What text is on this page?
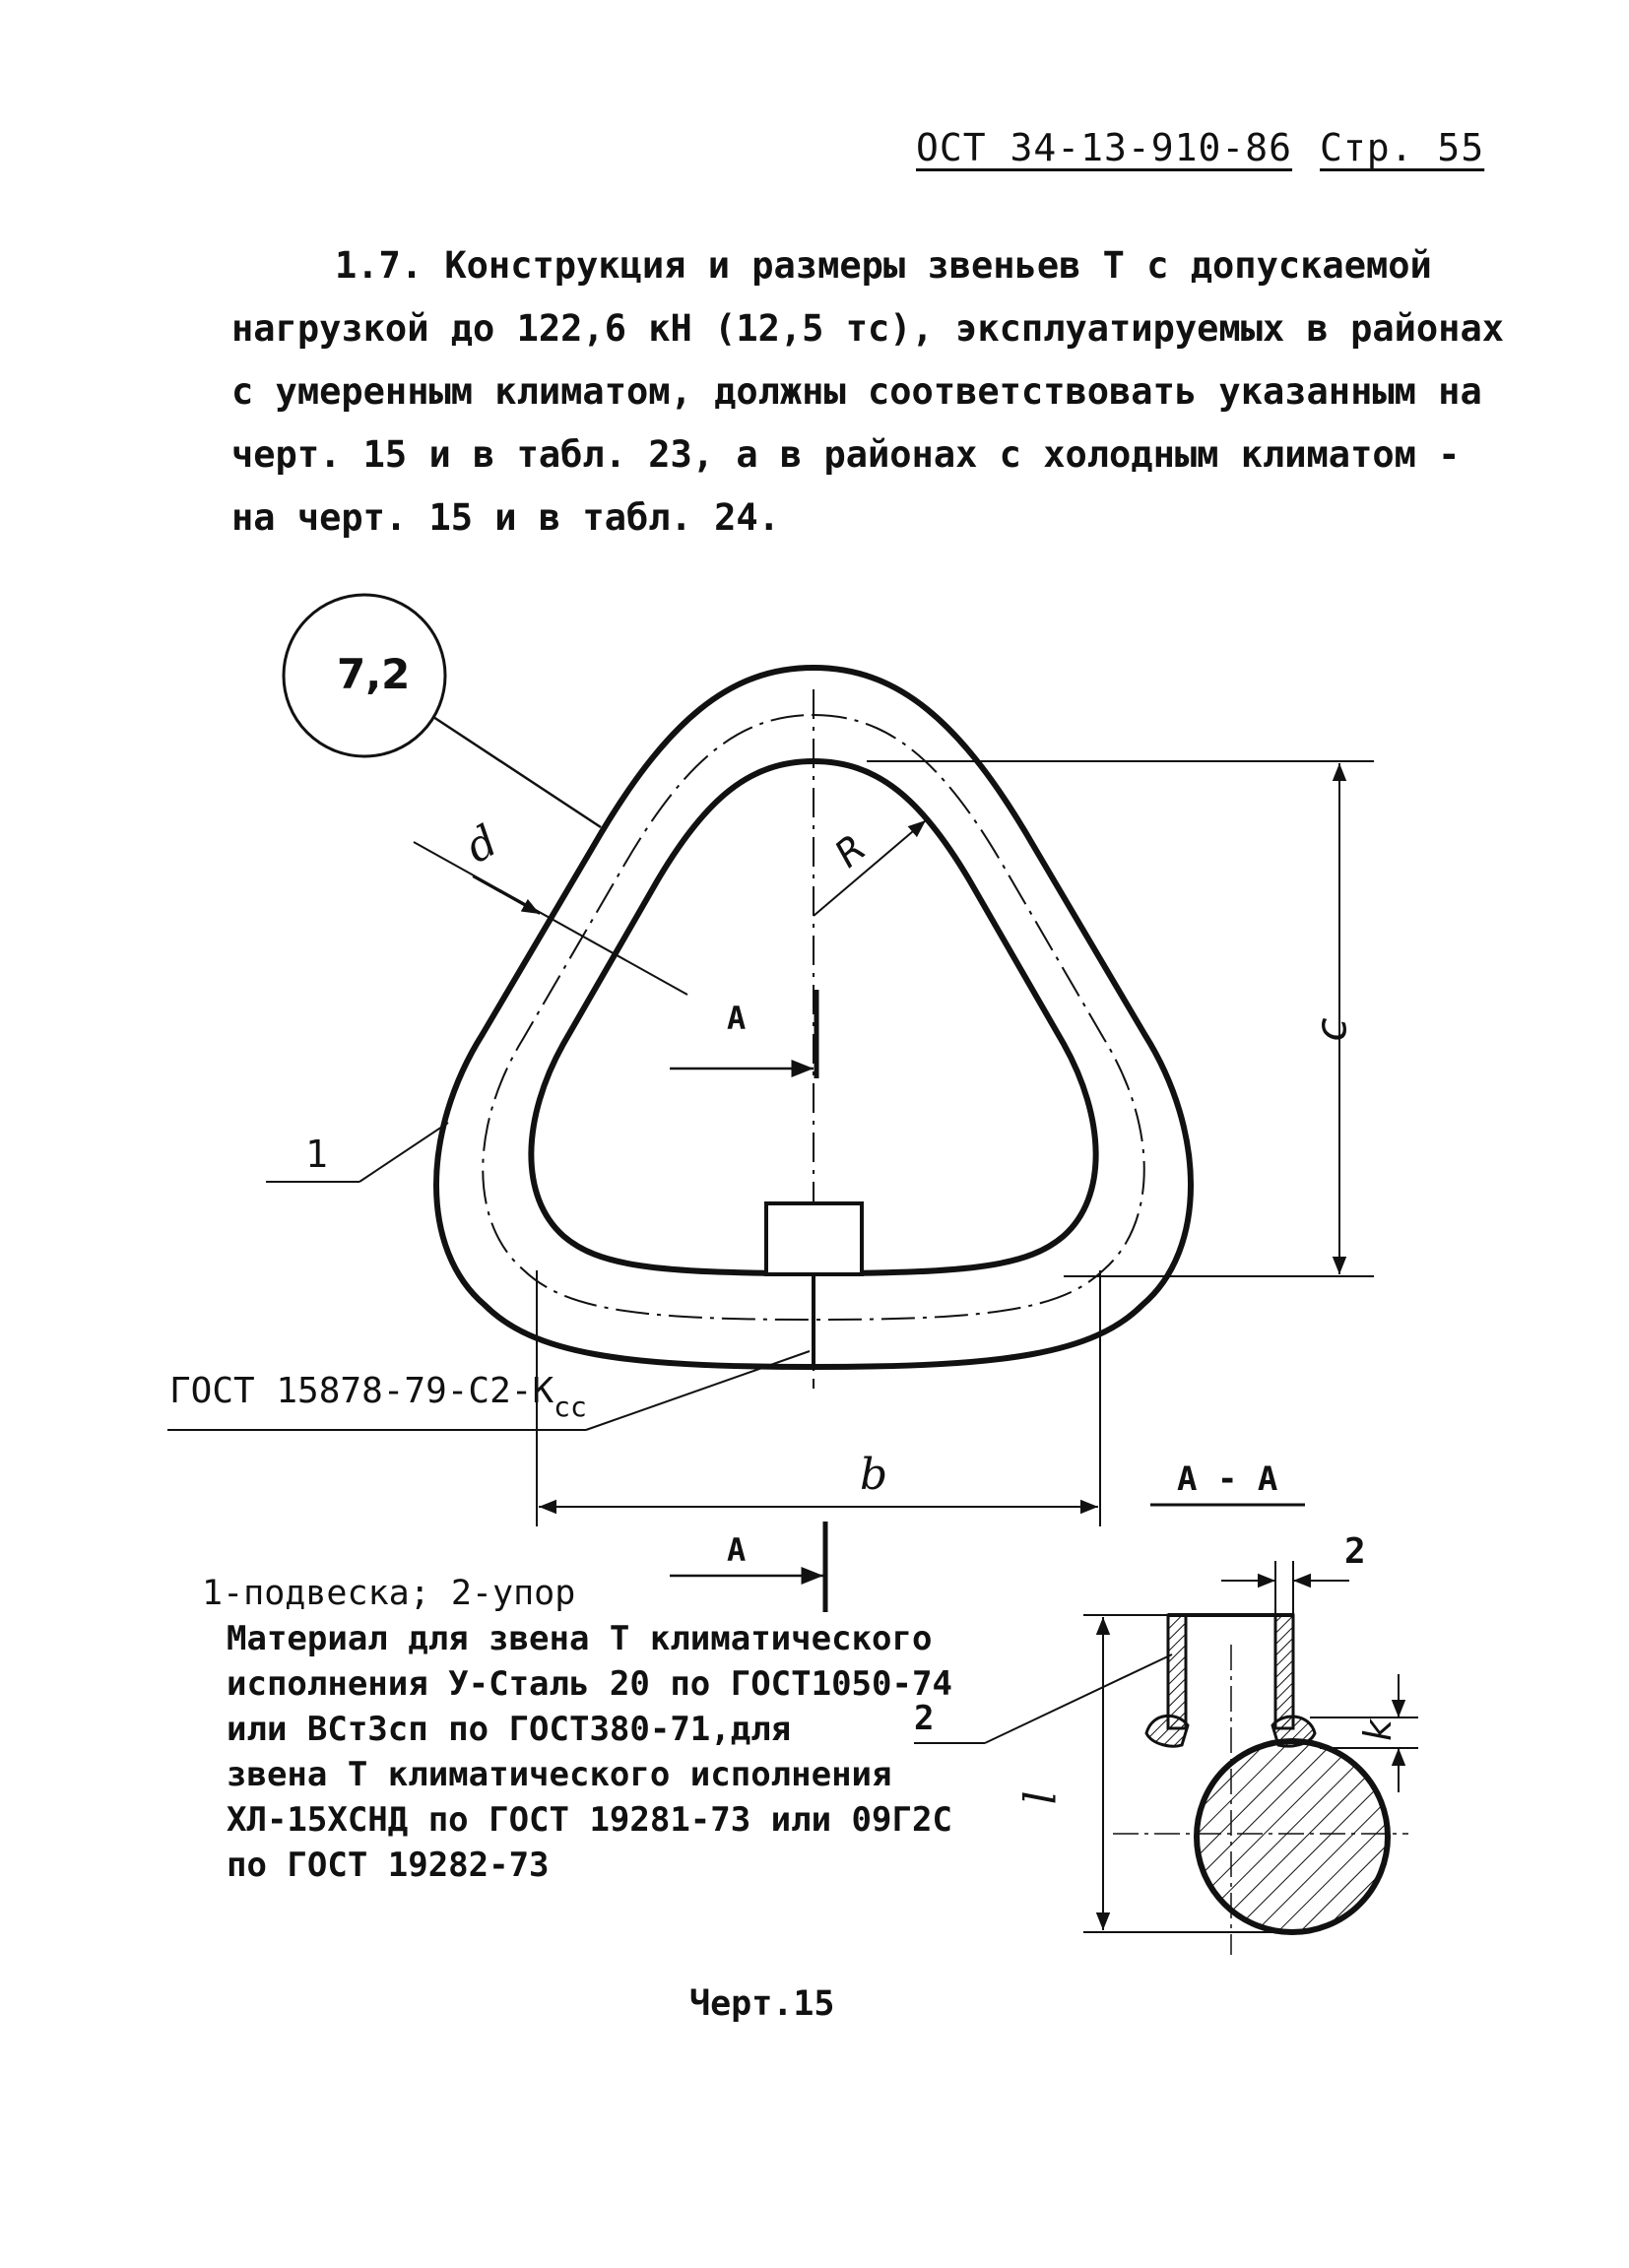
ОСТ 34-13-910-86 Стр. 55
1.7. Конструкция и размеры звеньев Т с допускаемой
нагрузкой до 122,6 кН (12,5 тс), эксплуатируемых в районах
с умеренным климатом, должны соответствовать указанным на
черт. 15 и в табл. 23, а в районах с холодным климатом -
на черт. 15 и в табл. 24.
7,2
d	R
c
b
1
А
А
ГОСТ $15878-79-С2-К_{сс}$
А - А
2
k
l
2
1-подвеска; 2-упор
Материал для звена Т климатического
исполнения У-Сталь 20 по ГОСТ1050-74
или ВСт3сп по ГОСТ380-71,для
звена Т климатического исполнения
ХЛ-15ХСНД по ГОСТ 19281-73 или 09Г2С
по ГОСТ 19282-73
Черт.15
